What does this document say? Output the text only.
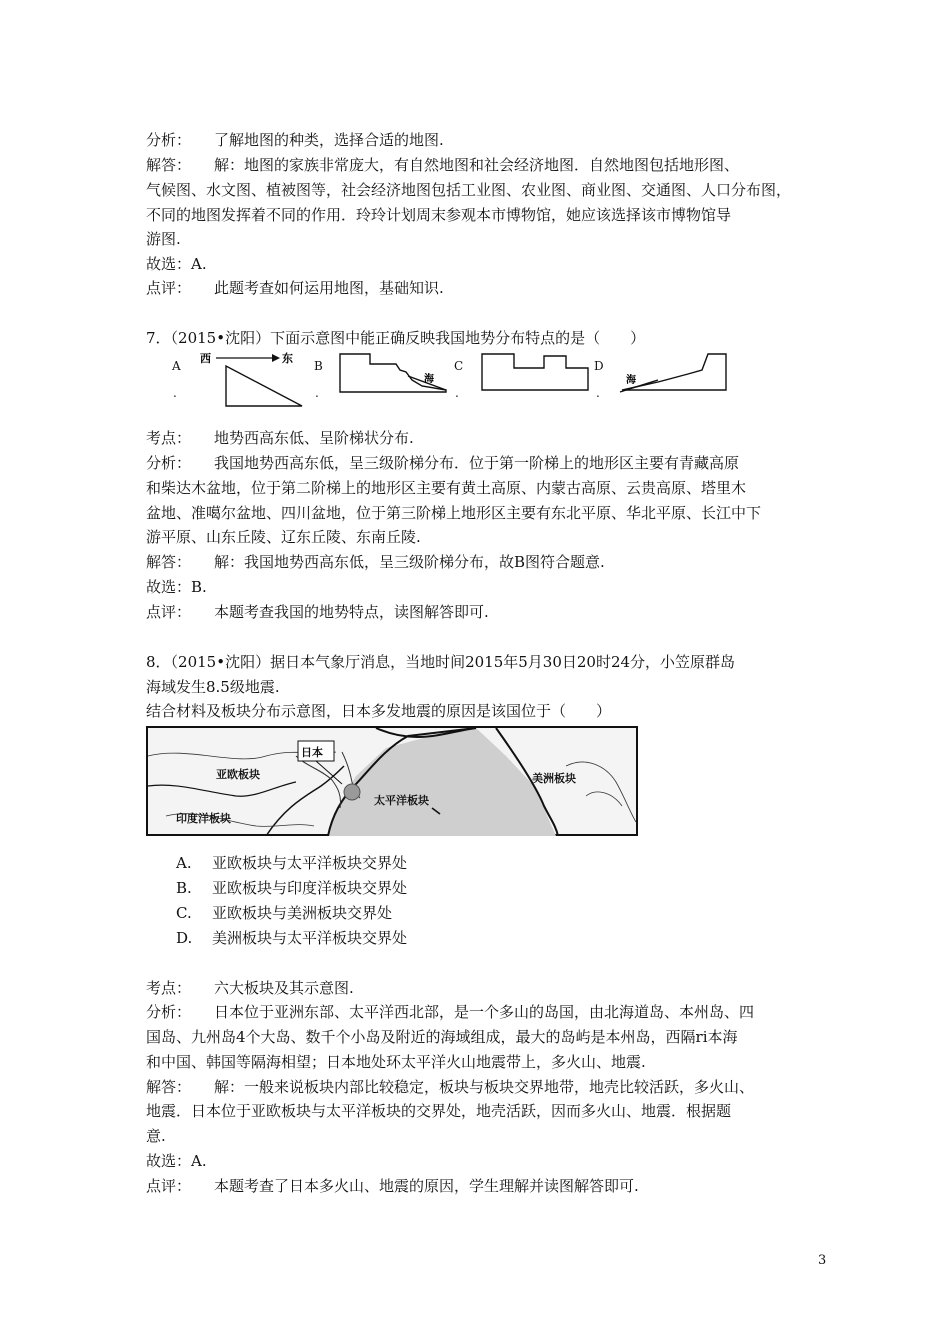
分析： 了解地图的种类，选择合适的地图.
解答： 解：地图的家族非常庞大，有自然地图和社会经济地图．自然地图包括地形图、
气候图、水文图、植被图等，社会经济地图包括工业图、农业图、商业图、交通图、人口分布图，
不同的地图发挥着不同的作用．玲玲计划周末参观本市博物馆，她应该选择该市博物馆导
游图.
故选：A.
点评： 此题考查如何运用地图，基础知识.
7．（2015•沈阳）下面示意图中能正确反映我国地势分布特点的是（　　）
A
.
西	东
B
.
海
C
.
D
.
海
考点： 地势西高东低、呈阶梯状分布.
分析： 我国地势西高东低，呈三级阶梯分布．位于第一阶梯上的地形区主要有青藏高原
和柴达木盆地，位于第二阶梯上的地形区主要有黄土高原、内蒙古高原、云贵高原、塔里木
盆地、准噶尔盆地、四川盆地，位于第三阶梯上地形区主要有东北平原、华北平原、长江中下
游平原、山东丘陵、辽东丘陵、东南丘陵.
解答： 解：我国地势西高东低，呈三级阶梯分布，故B图符合题意.
故选：B.
点评： 本题考查我国的地势特点，读图解答即可.
8．（2015•沈阳）据日本气象厅消息，当地时间2015年5月30日20时24分，小笠原群岛
海域发生8.5级地震.
结合材料及板块分布示意图，日本多发地震的原因是该国位于（　　）
日本
亚欧板块
太平洋板块
美洲板块
印度洋板块
A. 亚欧板块与太平洋板块交界处
B. 亚欧板块与印度洋板块交界处
C. 亚欧板块与美洲板块交界处
D. 美洲板块与太平洋板块交界处
考点： 六大板块及其示意图.
分析： 日本位于亚洲东部、太平洋西北部，是一个多山的岛国，由北海道岛、本州岛、四
国岛、九州岛4个大岛、数千个小岛及附近的海域组成，最大的岛屿是本州岛，西隔ri本海
和中国、韩国等隔海相望；日本地处环太平洋火山地震带上，多火山、地震.
解答： 解：一般来说板块内部比较稳定，板块与板块交界地带，地壳比较活跃，多火山、
地震．日本位于亚欧板块与太平洋板块的交界处，地壳活跃，因而多火山、地震．根据题
意.
故选：A.
点评： 本题考查了日本多火山、地震的原因，学生理解并读图解答即可.
3
